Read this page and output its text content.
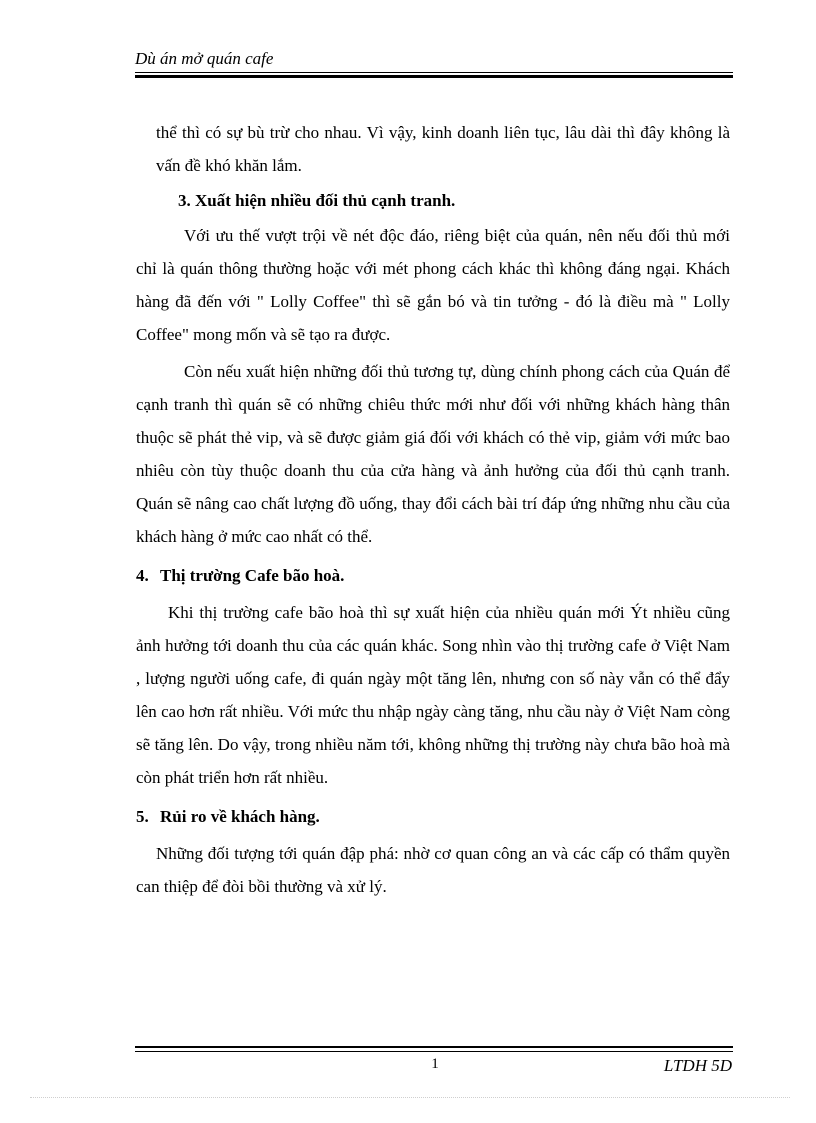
Dù án mở quán cafe

thể thì có sự bù trừ cho nhau. Vì vậy, kinh doanh liên tục, lâu dài thì đây không là vấn đề khó khăn lắm.

3. Xuất hiện nhiều đối thủ cạnh tranh.

Với ưu thế vượt trội về nét độc đáo, riêng biệt của quán, nên nếu đối thủ mới chỉ là quán thông thường hoặc với mét phong cách khác thì không đáng ngại. Khách hàng đã đến với " Lolly Coffee" thì sẽ gắn bó và tin tưởng - đó là điều mà " Lolly Coffee" mong mốn và sẽ tạo ra được.

Còn nếu xuất hiện những đối thủ tương tự, dùng chính phong cách của Quán để cạnh tranh thì quán sẽ có những chiêu thức mới như đối với những khách hàng thân thuộc sẽ phát thẻ vip, và sẽ được giảm giá đối với khách có thẻ vip, giảm với mức bao nhiêu còn tùy thuộc doanh thu của cửa hàng và ảnh hưởng của đối thủ cạnh tranh. Quán sẽ nâng cao chất lượng đồ uống, thay đổi cách bài trí đáp ứng những nhu cầu của khách hàng ở mức cao nhất có thể.

4. Thị trường Cafe bão hoà.

Khi thị trường cafe bão hoà thì sự xuất hiện của nhiều quán mới Ýt nhiều cũng ảnh hưởng tới doanh thu của các quán khác. Song nhìn vào thị trường cafe ở Việt Nam , lượng người uống cafe, đi quán ngày một tăng lên, nhưng con số này vẫn có thể đẩy lên cao hơn rất nhiều. Với mức thu nhập ngày càng tăng, nhu cầu này ở Việt Nam còng sẽ tăng lên. Do vậy, trong nhiều năm tới, không những thị trường này chưa bão hoà mà còn phát triển hơn rất nhiều.

5. Rủi ro về khách hàng.

Những đối tượng tới quán đập phá: nhờ cơ quan công an và các cấp có thẩm quyền can thiệp để đòi bồi thường và xử lý.

1	LTDH 5D
